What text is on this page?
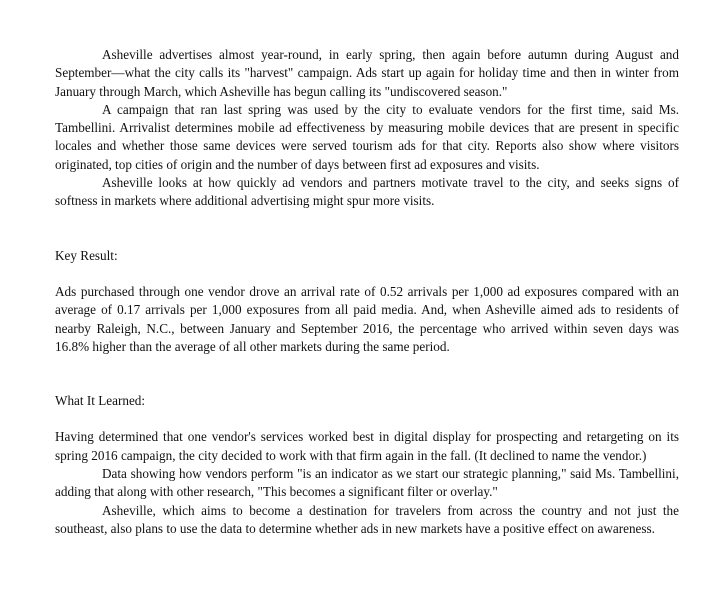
Asheville advertises almost year-round, in early spring, then again before autumn during August and September—what the city calls its "harvest" campaign. Ads start up again for holiday time and then in winter from January through March, which Asheville has begun calling its "undiscovered season."

A campaign that ran last spring was used by the city to evaluate vendors for the first time, said Ms. Tambellini. Arrivalist determines mobile ad effectiveness by measuring mobile devices that are present in specific locales and whether those same devices were served tourism ads for that city. Reports also show where visitors originated, top cities of origin and the number of days between first ad exposures and visits.

Asheville looks at how quickly ad vendors and partners motivate travel to the city, and seeks signs of softness in markets where additional advertising might spur more visits.

Key Result:

Ads purchased through one vendor drove an arrival rate of 0.52 arrivals per 1,000 ad exposures compared with an average of 0.17 arrivals per 1,000 exposures from all paid media. And, when Asheville aimed ads to residents of nearby Raleigh, N.C., between January and September 2016, the percentage who arrived within seven days was 16.8% higher than the average of all other markets during the same period.

What It Learned:

Having determined that one vendor's services worked best in digital display for prospecting and retargeting on its spring 2016 campaign, the city decided to work with that firm again in the fall. (It declined to name the vendor.)

Data showing how vendors perform "is an indicator as we start our strategic planning," said Ms. Tambellini, adding that along with other research, "This becomes a significant filter or overlay."

Asheville, which aims to become a destination for travelers from across the country and not just the southeast, also plans to use the data to determine whether ads in new markets have a positive effect on awareness.
